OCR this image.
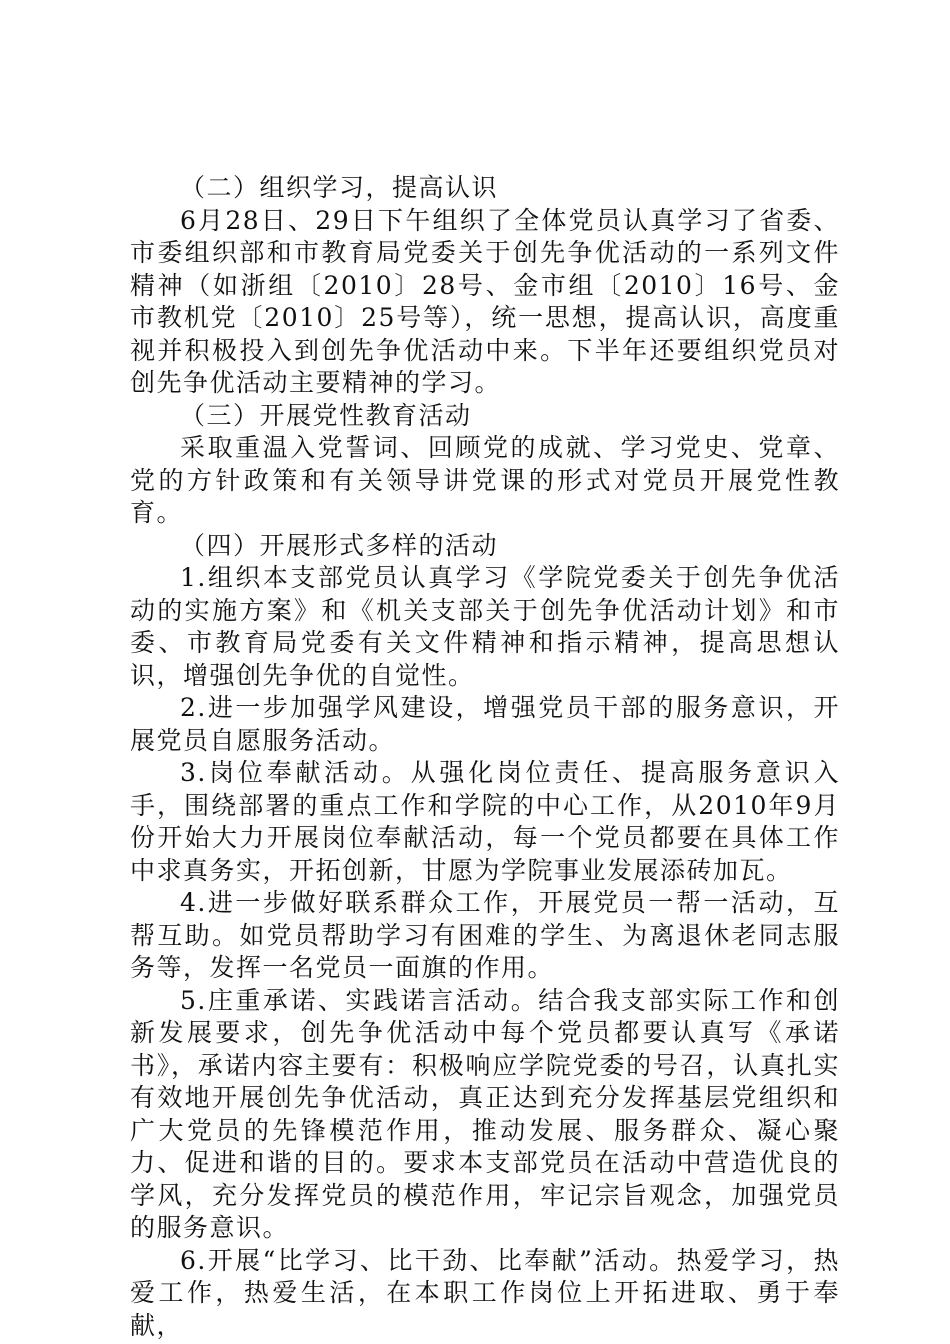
（二）组织学习，提高认识

6月28日、29日下午组织了全体党员认真学习了省委、市委组织部和市教育局党委关于创先争优活动的一系列文件精神（如浙组〔2010〕28号、金市组〔2010〕16号、金市教机党〔2010〕25号等），统一思想，提高认识，高度重视并积极投入到创先争优活动中来。下半年还要组织党员对创先争优活动主要精神的学习。

（三）开展党性教育活动

采取重温入党誓词、回顾党的成就、学习党史、党章、党的方针政策和有关领导讲党课的形式对党员开展党性教育。

（四）开展形式多样的活动

1.组织本支部党员认真学习《学院党委关于创先争优活动的实施方案》和《机关支部关于创先争优活动计划》和市委、市教育局党委有关文件精神和指示精神，提高思想认识，增强创先争优的自觉性。

2.进一步加强学风建设，增强党员干部的服务意识，开展党员自愿服务活动。

3.岗位奉献活动。从强化岗位责任、提高服务意识入手，围绕部署的重点工作和学院的中心工作，从2010年9月份开始大力开展岗位奉献活动，每一个党员都要在具体工作中求真务实，开拓创新，甘愿为学院事业发展添砖加瓦。

4.进一步做好联系群众工作，开展党员一帮一活动，互帮互助。如党员帮助学习有困难的学生、为离退休老同志服务等，发挥一名党员一面旗的作用。

5.庄重承诺、实践诺言活动。结合我支部实际工作和创新发展要求，创先争优活动中每个党员都要认真写《承诺书》，承诺内容主要有：积极响应学院党委的号召，认真扎实有效地开展创先争优活动，真正达到充分发挥基层党组织和广大党员的先锋模范作用，推动发展、服务群众、凝心聚力、促进和谐的目的。要求本支部党员在活动中营造优良的学风，充分发挥党员的模范作用，牢记宗旨观念，加强党员的服务意识。

6.开展“比学习、比干劲、比奉献”活动。热爱学习，热爱工作，热爱生活，在本职工作岗位上开拓进取、勇于奉献，
